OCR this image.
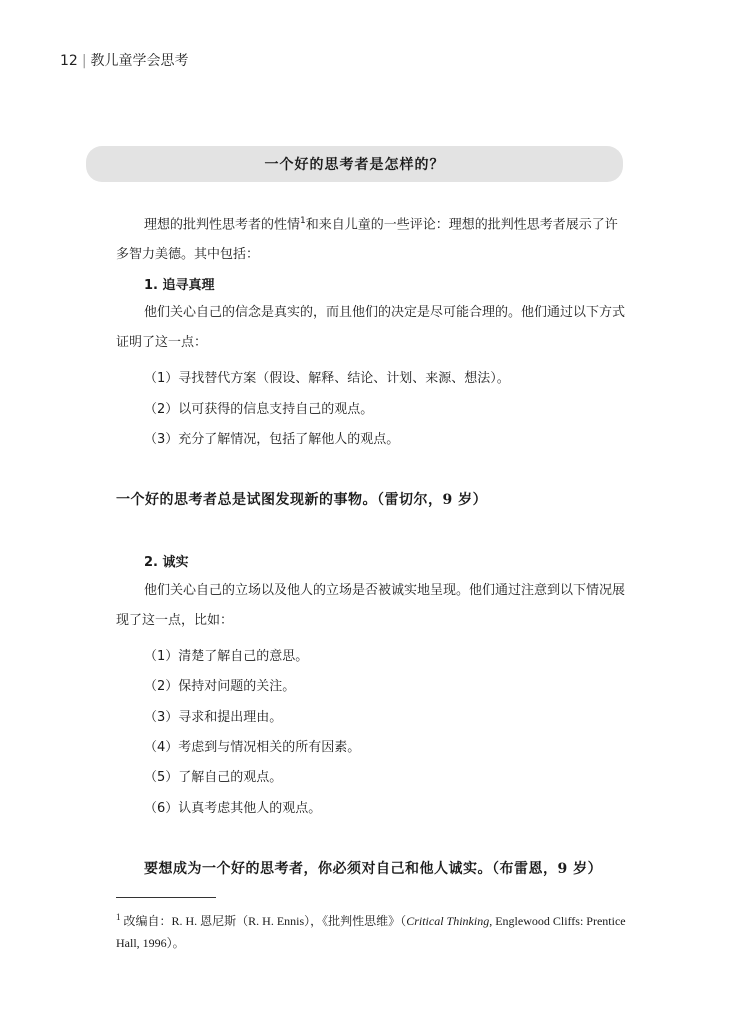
12 | 教儿童学会思考
一个好的思考者是怎样的？

理想的批判性思考者的性情$^1$和来自儿童的一些评论：理想的批判性思考者展示了许多智力美德。其中包括：

1. 追寻真理

他们关心自己的信念是真实的，而且他们的决定是尽可能合理的。他们通过以下方式证明了这一点：

（1）寻找替代方案（假设、解释、结论、计划、来源、想法）。
（2）以可获得的信息支持自己的观点。
（3）充分了解情况，包括了解他人的观点。
一个好的思考者总是试图发现新的事物。（雷切尔，9 岁）
2. 诚实

他们关心自己的立场以及他人的立场是否被诚实地呈现。他们通过注意到以下情况展现了这一点，比如：

（1）清楚了解自己的意思。
（2）保持对问题的关注。
（3）寻求和提出理由。
（4）考虑到与情况相关的所有因素。
（5）了解自己的观点。
（6）认真考虑其他人的观点。
要想成为一个好的思考者，你必须对自己和他人诚实。（布雷恩，9 岁）

$^1$ 改编自：R. H. 恩尼斯（R. H. Ennis），《批判性思维》（Critical Thinking, Englewood Cliffs: Prentice Hall, 1996）。
